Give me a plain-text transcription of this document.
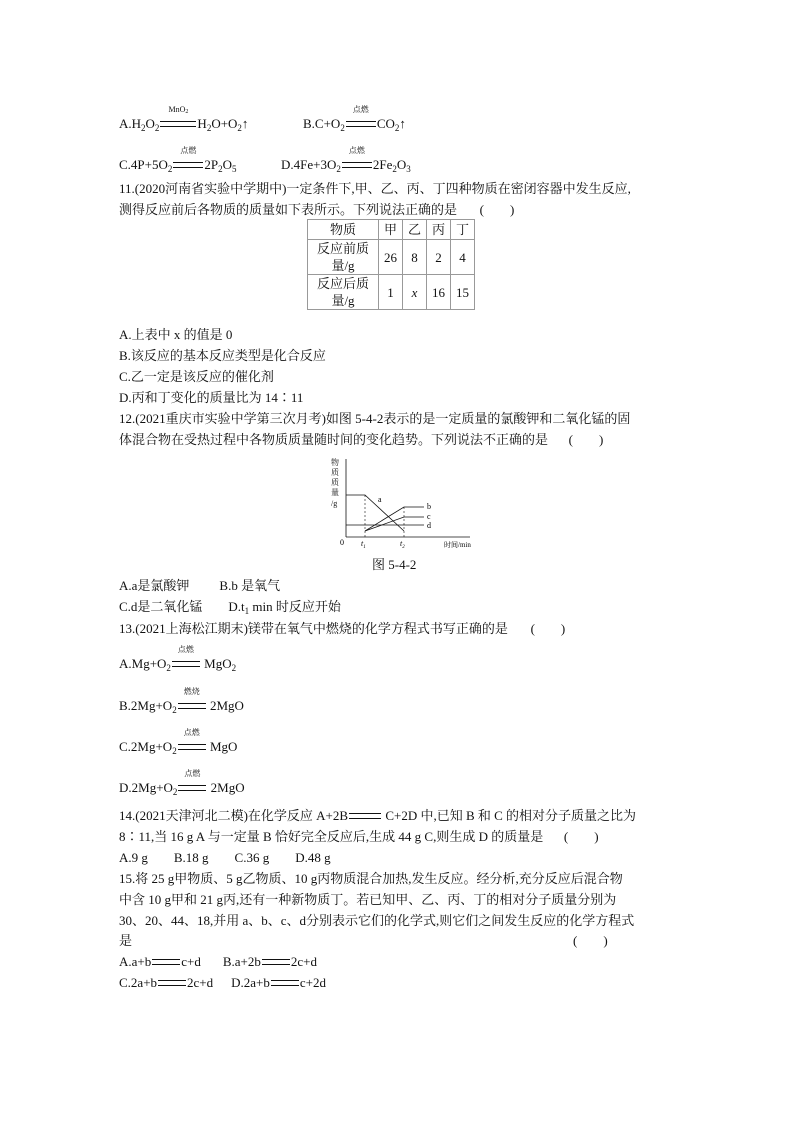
$A.H_2O_2$
MnO$_2$
$H_2O+O_2↑$	$B.C+O_2$
点燃
$CO_2↑$
$C.4P+5O_2$
点燃
$2P_2O_5$	$D.4Fe+3O_2$
点燃
$2Fe_2O_3$
11.(2020河南省实验中学期中)一定条件下,甲、乙、丙、丁四种物质在密闭容器中发生反应,
测得反应前后各物质的质量如下表所示。下列说法正确的是 (　　)
物质	甲	乙	丙	丁
反应前质
量/g	26	8	2	4
反应后质
量/g	1	x	16	15
A.上表中 x 的值是 0
B.该反应的基本反应类型是化合反应
C.乙一定是该反应的催化剂
D.丙和丁变化的质量比为 14∶11
12.(2021重庆市实验中学第三次月考)如图 5-4-2表示的是一定质量的氯酸钾和二氧化锰的固
体混合物在受热过程中各物质质量随时间的变化趋势。下列说法不正确的是 (　　)
物
质
质
量
/g
0	时间/min
$t_1$	$t_2$
a
b
c
d
图 5-4-2
A.a是氯酸钾 B.b 是氧气
C.d是二氧化锰 $D.t_1$ min 时反应开始
13.(2021上海松江期末)镁带在氧气中燃烧的化学方程式书写正确的是 (　　)
$A.Mg+O_2$
点燃
MgO$_2$
$B.2Mg+O_2$
燃烧
2MgO
$C.2Mg+O_2$
点燃
MgO
$D.2Mg+O_2$
点燃
2MgO
14.(2021天津河北二模)在化学反应 A+2B	C+2D 中,已知 B 和 C 的相对分子质量之比为
8∶11,当 16 g A 与一定量 B 恰好完全反应后,生成 44 g C,则生成 D 的质量是 (　　)
A.9 g　　B.18 g　　C.36 g　　D.48 g
15.将 25 g甲物质、5 g乙物质、10 g丙物质混合加热,发生反应。经分析,充分反应后混合物
中含 10 g甲和 21 g丙,还有一种新物质丁。若已知甲、乙、丙、丁的相对分子质量分别为
30、20、44、18,并用 a、b、c、d分别表示它们的化学式,则它们之间发生反应的化学方程式
是	(　　)
A.a+b c+d B.a+2b 2c+d
C.2a+b 2c+d D.2a+b c+2d
